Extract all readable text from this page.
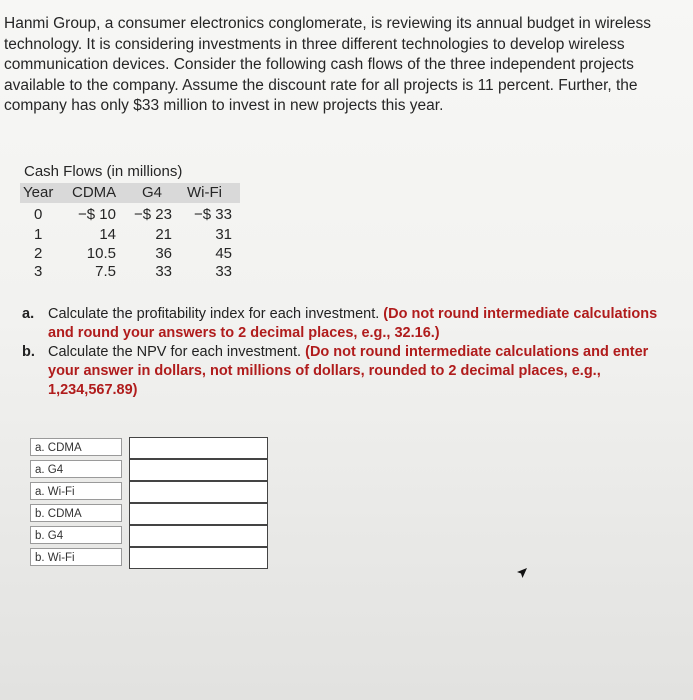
Hanmi Group, a consumer electronics conglomerate, is reviewing its annual budget in wireless technology. It is considering investments in three different technologies to develop wireless communication devices. Consider the following cash flows of the three independent projects available to the company. Assume the discount rate for all projects is 11 percent. Further, the company has only $33 million to invest in new projects this year.

Cash Flows (in millions)
Year CDMA G4 Wi-Fi
0	−$ 10	−$ 23	−$ 33
1	14	21	31
2	10.5	36	45
3	7.5	33	33
a. Calculate the profitability index for each investment. (Do not round intermediate calculations and round your answers to 2 decimal places, e.g., 32.16.)
b. Calculate the NPV for each investment. (Do not round intermediate calculations and enter your answer in dollars, not millions of dollars, rounded to 2 decimal places, e.g., 1,234,567.89)
a. CDMA
a. G4
a. Wi-Fi
b. CDMA
b. G4
b. Wi-Fi
